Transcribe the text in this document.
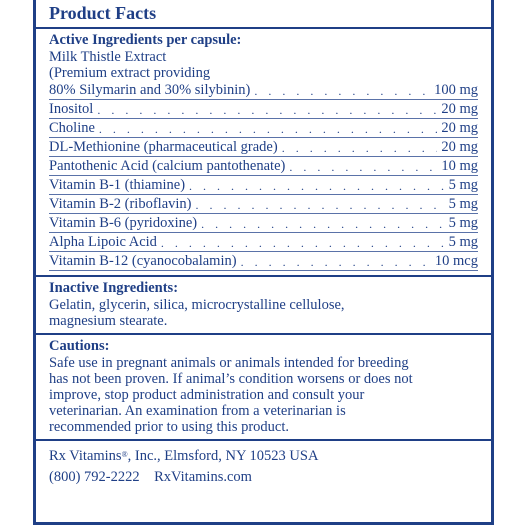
Product Facts
Active Ingredients per capsule:
Milk Thistle Extract
(Premium extract providing
80% Silymarin and 30% silybinin) . . .	100 mg
Inositol . . .	20 mg
Choline . . .	20 mg
DL-Methionine (pharmaceutical grade) . . .	20 mg
Pantothenic Acid (calcium pantothenate) . . .	10 mg
Vitamin B-1 (thiamine) . . .	5 mg
Vitamin B-2 (riboflavin) . . .	5 mg
Vitamin B-6 (pyridoxine) . . .	5 mg
Alpha Lipoic Acid . . .	5 mg
Vitamin B-12 (cyanocobalamin) . . .	10 mcg
Inactive Ingredients:
Gelatin, glycerin, silica, microcrystalline cellulose,
magnesium stearate.
Cautions:
Safe use in pregnant animals or animals intended for breeding
has not been proven. If animal’s condition worsens or does not
improve, stop product administration and consult your
veterinarian. An examination from a veterinarian is
recommended prior to using this product.
Rx Vitamins®, Inc., Elmsford, NY 10523 USA
(800) 792-2222 RxVitamins.com
